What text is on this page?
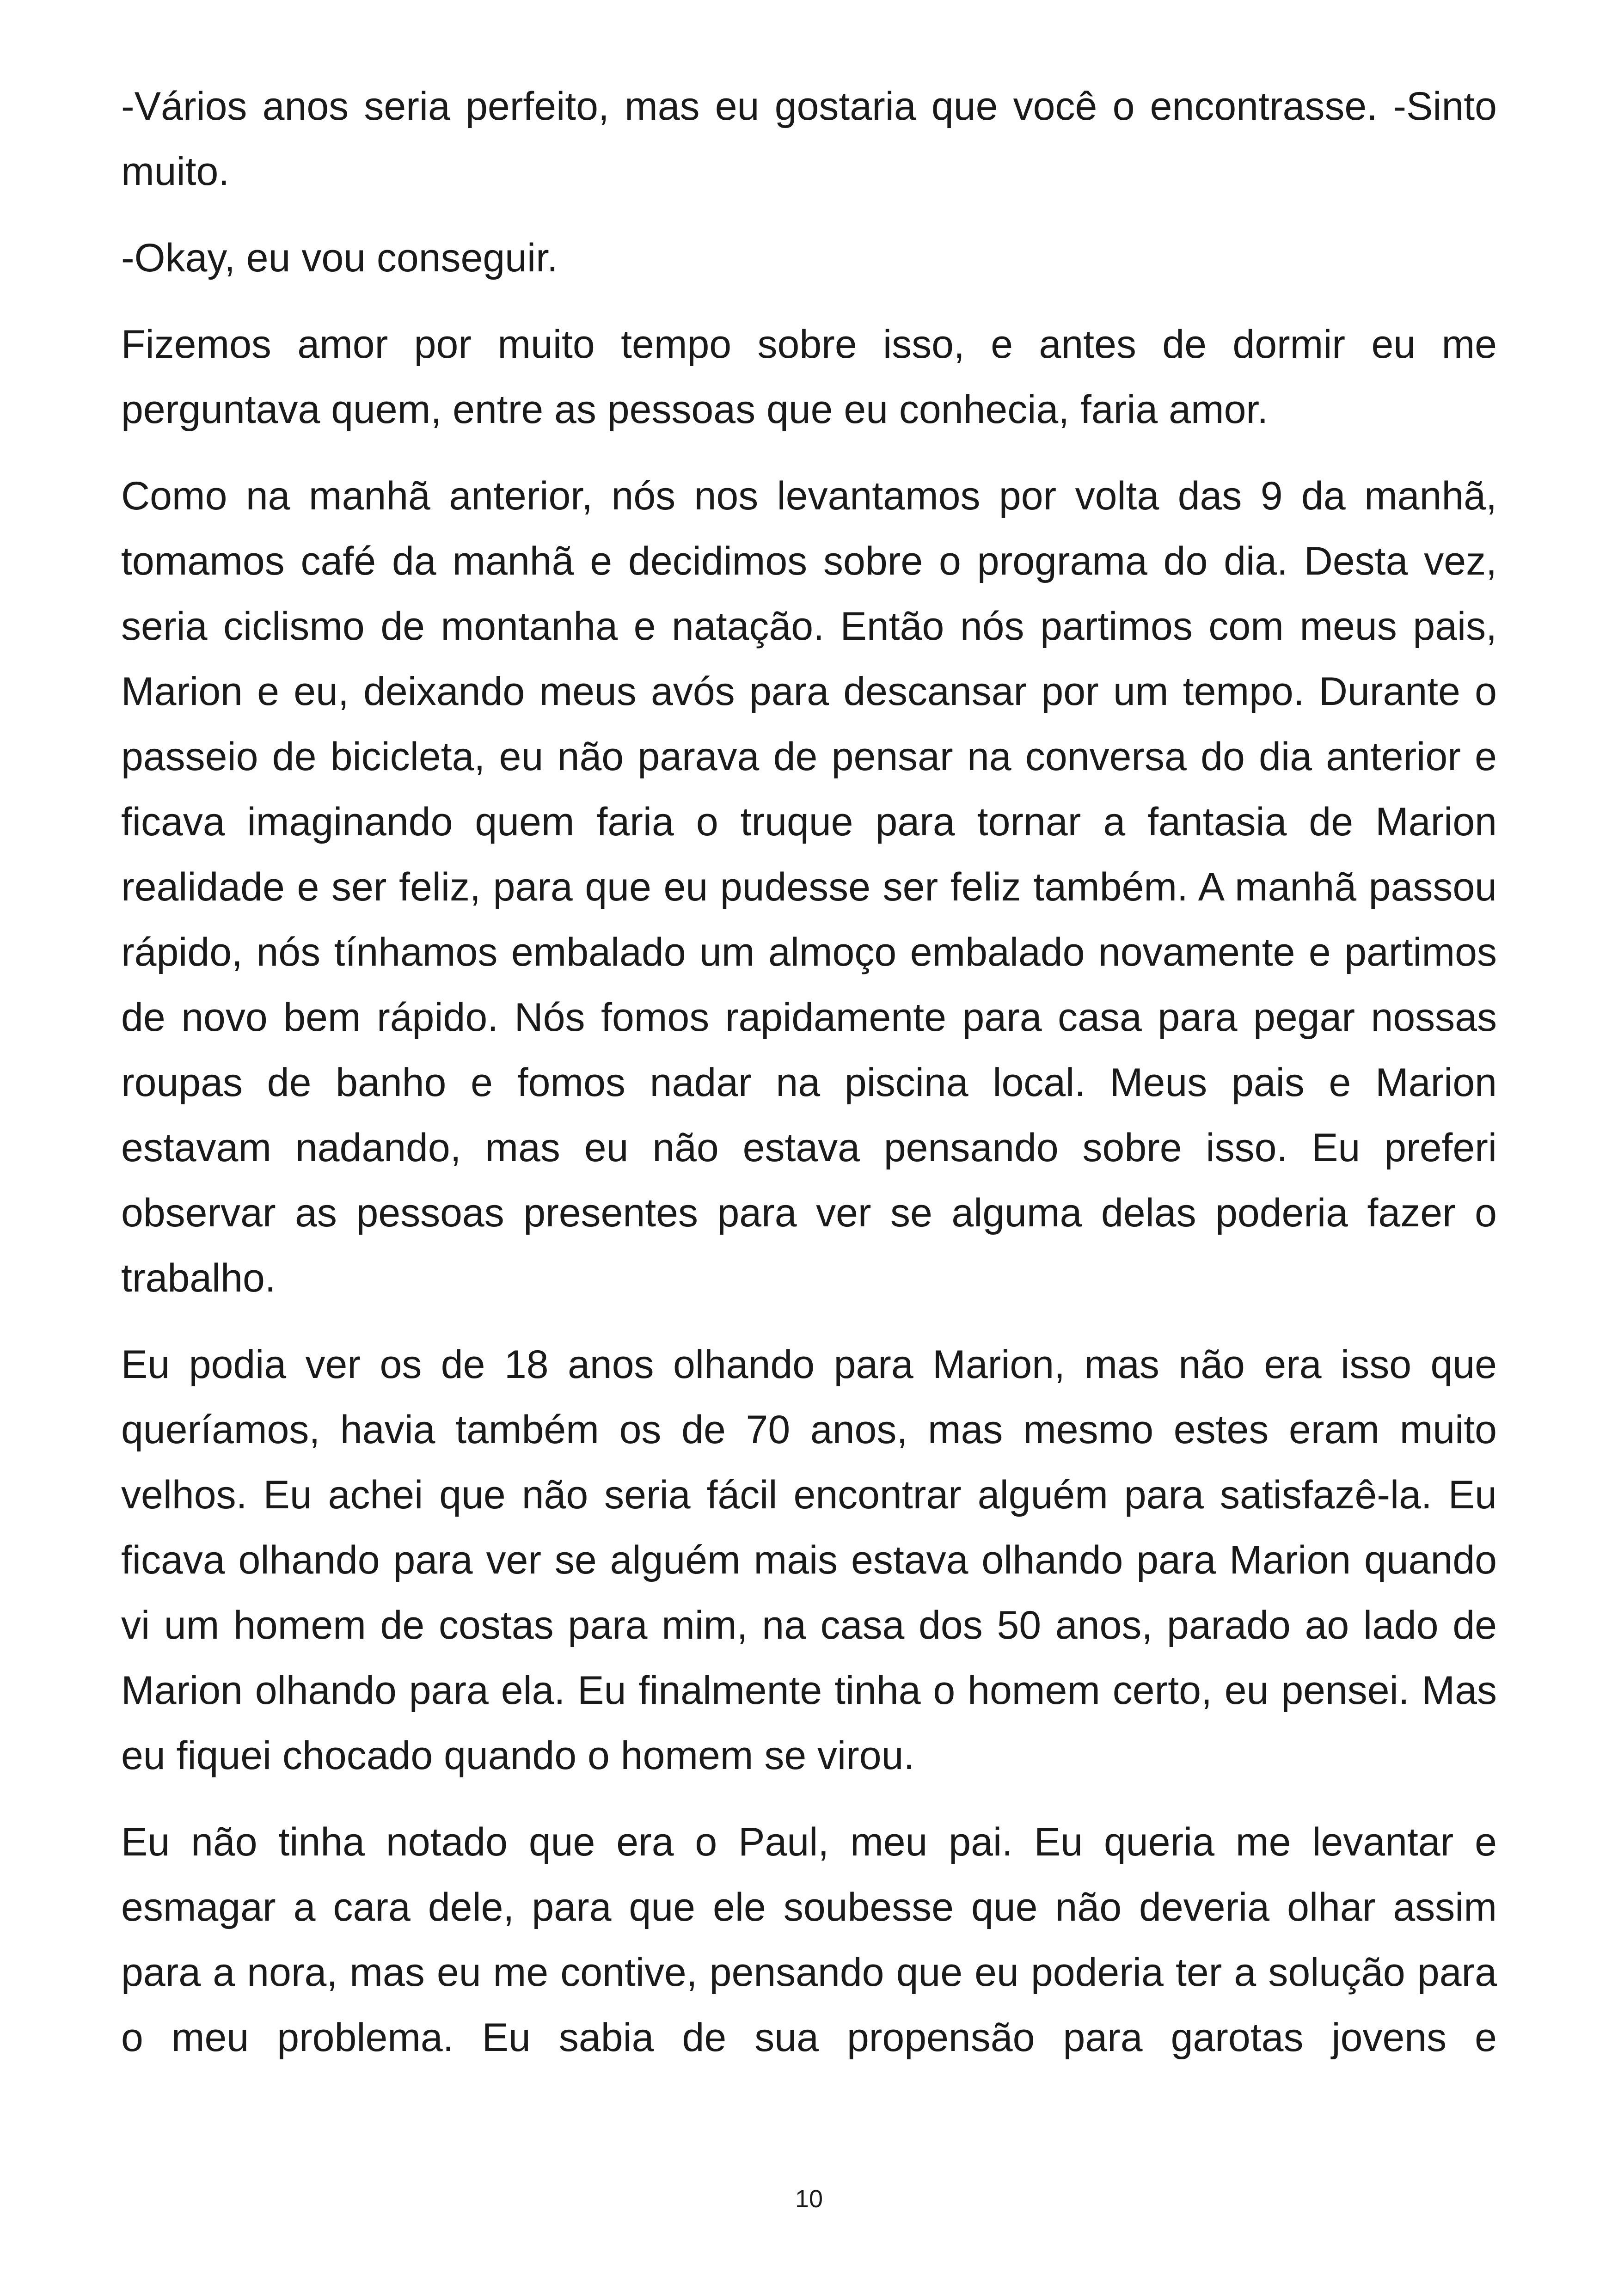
-Vários anos seria perfeito, mas eu gostaria que você o encontrasse. -Sinto muito.

-Okay, eu vou conseguir.

Fizemos amor por muito tempo sobre isso, e antes de dormir eu me perguntava quem, entre as pessoas que eu conhecia, faria amor.

Como na manhã anterior, nós nos levantamos por volta das 9 da manhã, tomamos café da manhã e decidimos sobre o programa do dia. Desta vez, seria ciclismo de montanha e natação. Então nós partimos com meus pais, Marion e eu, deixando meus avós para descansar por um tempo. Durante o passeio de bicicleta, eu não parava de pensar na conversa do dia anterior e ficava imaginando quem faria o truque para tornar a fantasia de Marion realidade e ser feliz, para que eu pudesse ser feliz também. A manhã passou rápido, nós tínhamos embalado um almoço embalado novamente e partimos de novo bem rápido. Nós fomos rapidamente para casa para pegar nossas roupas de banho e fomos nadar na piscina local. Meus pais e Marion estavam nadando, mas eu não estava pensando sobre isso. Eu preferi observar as pessoas presentes para ver se alguma delas poderia fazer o trabalho.

Eu podia ver os de 18 anos olhando para Marion, mas não era isso que queríamos, havia também os de 70 anos, mas mesmo estes eram muito velhos. Eu achei que não seria fácil encontrar alguém para satisfazê-la. Eu ficava olhando para ver se alguém mais estava olhando para Marion quando vi um homem de costas para mim, na casa dos 50 anos, parado ao lado de Marion olhando para ela. Eu finalmente tinha o homem certo, eu pensei. Mas eu fiquei chocado quando o homem se virou.

Eu não tinha notado que era o Paul, meu pai. Eu queria me levantar e esmagar a cara dele, para que ele soubesse que não deveria olhar assim para a nora, mas eu me contive, pensando que eu poderia ter a solução para o meu problema. Eu sabia de sua propensão para garotas jovens e

10
